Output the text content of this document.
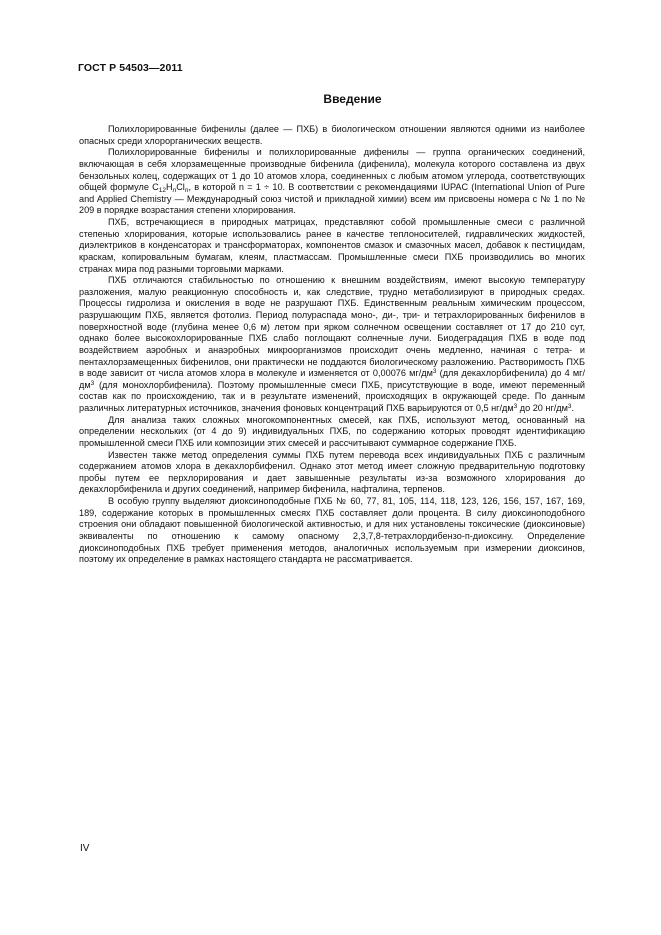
ГОСТ Р 54503—2011
Введение

Полихлорированные бифенилы (далее — ПХБ) в биологическом отношении являются одними из наиболее опасных среди хлорорганических веществ.

Полихлорированные бифенилы и полихлорированные дифенилы — группа органических соединений, включающая в себя хлорзамещенные производные бифенила (дифенила), молекула которого составлена из двух бензольных колец, содержащих от 1 до 10 атомов хлора, соединенных с любым атомом углерода, соответствующих общей формуле $C_{12}H_nCl_n$, в которой n = 1 ÷ 10. В соответствии с рекомендациями IUPAC (International Union of Pure and Applied Chemistry — Международный союз чистой и прикладной химии) всем им присвоены номера с № 1 по № 209 в порядке возрастания степени хлорирования.

ПХБ, встречающиеся в природных матрицах, представляют собой промышленные смеси с различной степенью хлорирования, которые использовались ранее в качестве теплоносителей, гидравлических жидкостей, диэлектриков в конденсаторах и трансформаторах, компонентов смазок и смазочных масел, добавок к пестицидам, краскам, копировальным бумагам, клеям, пластмассам. Промышленные смеси ПХБ производились во многих странах мира под разными торговыми марками.

ПХБ отличаются стабильностью по отношению к внешним воздействиям, имеют высокую температуру разложения, малую реакционную способность и, как следствие, трудно метаболизируют в природных средах. Процессы гидролиза и окисления в воде не разрушают ПХБ. Единственным реальным химическим процессом, разрушающим ПХБ, является фотолиз. Период полураспада моно-, ди-, три- и тетрахлорированных бифенилов в поверхностной воде (глубина менее 0,6 м) летом при ярком солнечном освещении составляет от 17 до 210 сут, однако более высокохлорированные ПХБ слабо поглощают солнечные лучи. Биодеградация ПХБ в воде под воздействием аэробных и анаэробных микроорганизмов происходит очень медленно, начиная с тетра- и пентахлорзамещенных бифенилов, они практически не поддаются биологическому разложению. Растворимость ПХБ в воде зависит от числа атомов хлора в молекуле и изменяется от 0,00076 $мг/дм^3$ (для декахлорбифенила) до 4 $мг/дм^3$ (для монохлорбифенила). Поэтому промышленные смеси ПХБ, присутствующие в воде, имеют переменный состав как по происхождению, так и в результате изменений, происходящих в окружающей среде. По данным различных литературных источников, значения фоновых концентраций ПХБ варьируются от 0,5 $нг/дм^3$ до 20 $нг/дм^3$.

Для анализа таких сложных многокомпонентных смесей, как ПХБ, используют метод, основанный на определении нескольких (от 4 до 9) индивидуальных ПХБ, по содержанию которых проводят идентификацию промышленной смеси ПХБ или композиции этих смесей и рассчитывают суммарное содержание ПХБ.

Известен также метод определения суммы ПХБ путем перевода всех индивидуальных ПХБ с различным содержанием атомов хлора в декахлорбифенил. Однако этот метод имеет сложную предварительную подготовку пробы путем ее перхлорирования и дает завышенные результаты из-за возможного хлорирования до декахлорбифенила и других соединений, например бифенила, нафталина, терпенов.

В особую группу выделяют диоксиноподобные ПХБ № 60, 77, 81, 105, 114, 118, 123, 126, 156, 157, 167, 169, 189, содержание которых в промышленных смесях ПХБ составляет доли процента. В силу диоксиноподобного строения они обладают повышенной биологической активностью, и для них установлены токсические (диоксиновые) эквиваленты по отношению к самому опасному 2,3,7,8-тетрахлордибензо-п-диоксину. Определение диоксиноподобных ПХБ требует применения методов, аналогичных используемым при измерении диоксинов, поэтому их определение в рамках настоящего стандарта не рассматривается.

IV
